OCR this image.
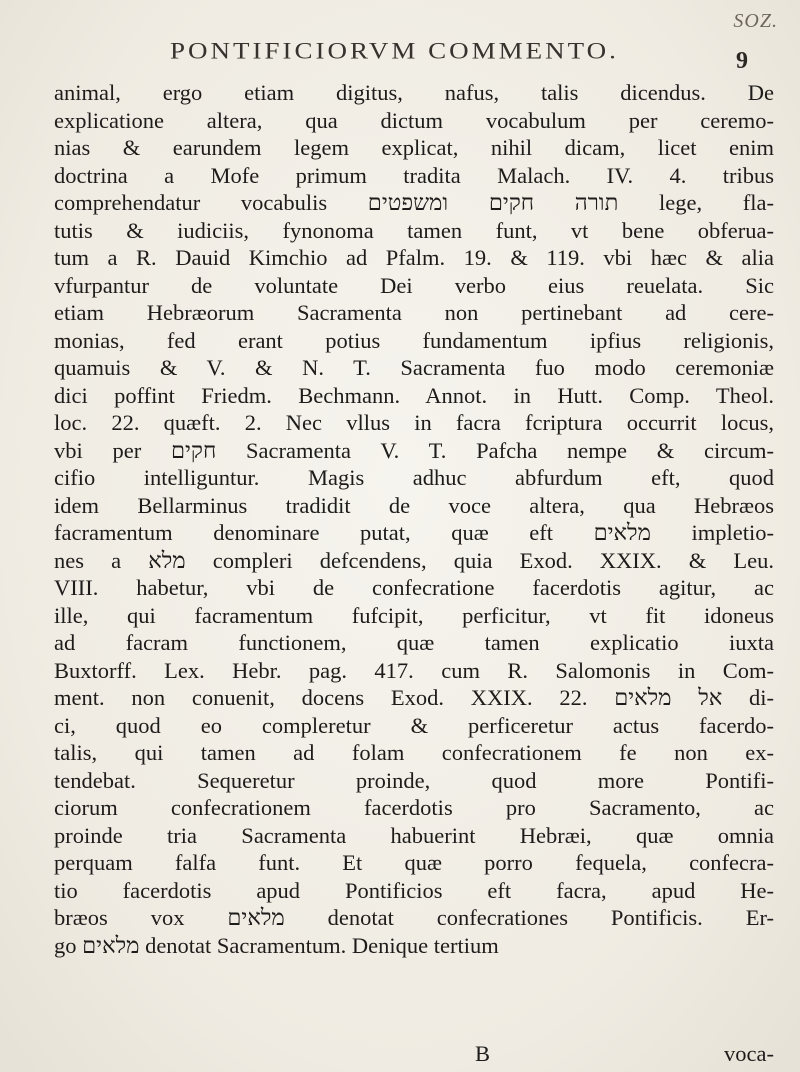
SOZ.
PONTIFICIORVM COMMENTO.	9
animal, ergo etiam digitus, nafus, talis dicendus. De
explicatione altera, qua dictum vocabulum per ceremo-
nias & earundem legem explicat, nihil dicam, licet enim
doctrina a Mofe primum tradita Malach. IV. 4. tribus
comprehendatur vocabulis תורה חקים ומשפטים lege, fla-
tutis & iudiciis, fynonoma tamen funt, vt bene obferua-
tum a R. Dauid Kimchio ad Pfalm. 19. & 119. vbi hæc & alia
vfurpantur de voluntate Dei verbo eius reuelata. Sic
etiam Hebræorum Sacramenta non pertinebant ad cere-
monias, fed erant potius fundamentum ipfius religionis,
quamuis & V. & N. T. Sacramenta fuo modo ceremoniæ
dici poffint Friedm. Bechmann. Annot. in Hutt. Comp. Theol.
loc. 22. quæft. 2. Nec vllus in facra fcriptura occurrit locus,
vbi per חקים Sacramenta V. T. Pafcha nempe & circum-
cifio intelliguntur. Magis adhuc abfurdum eft, quod
idem Bellarminus tradidit de voce altera, qua Hebræos
facramentum denominare putat, quæ eft מלאים impletio-
nes a מלא compleri defcendens, quia Exod. XXIX. & Leu.
VIII. habetur, vbi de confecratione facerdotis agitur, ac
ille, qui facramentum fufcipit, perficitur, vt fit idoneus
ad facram functionem, quæ tamen explicatio iuxta
Buxtorff. Lex. Hebr. pag. 417. cum R. Salomonis in Com-
ment. non conuenit, docens Exod. XXIX. 22. אל מלאים di-
ci, quod eo compleretur & perficeretur actus facerdo-
talis, qui tamen ad folam confecrationem fe non ex-
tendebat. Sequeretur proinde, quod more Pontifi-
ciorum confecrationem facerdotis pro Sacramento, ac
proinde tria Sacramenta habuerint Hebræi, quæ omnia
perquam falfa funt. Et quæ porro fequela, confecra-
tio facerdotis apud Pontificios eft facra, apud He-
bræos vox מלאים denotat confecrationes Pontificis. Er-
go מלאים denotat Sacramentum. Denique tertium
B	voca-
